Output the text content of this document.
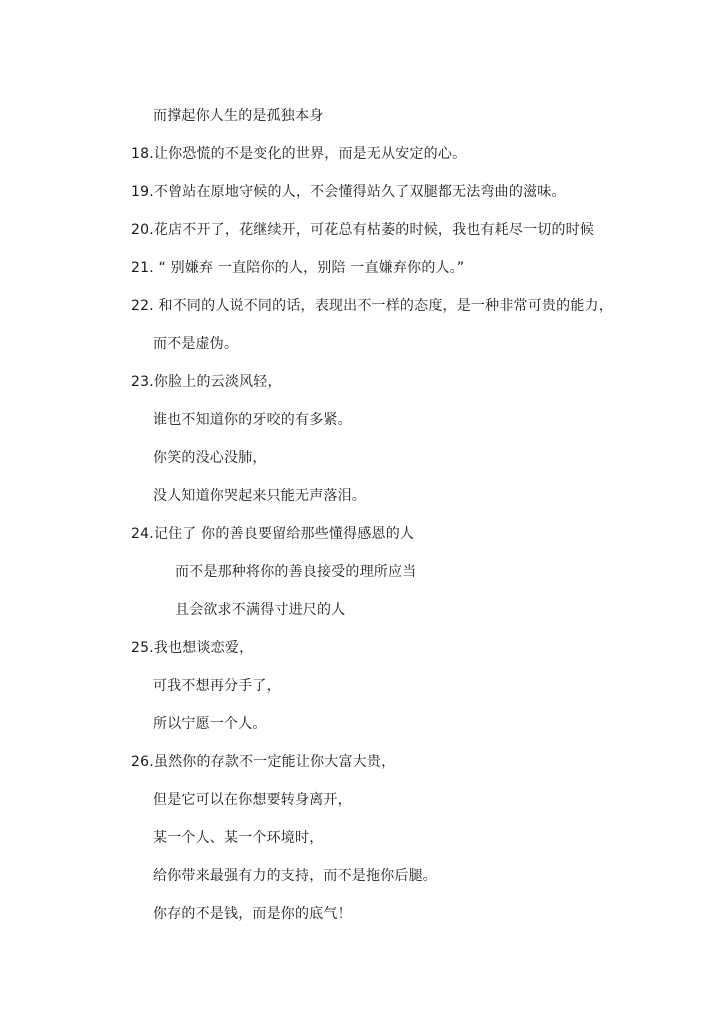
而撑起你人生的是孤独本身
18.让你恐慌的不是变化的世界，而是无从安定的心。
19.不曾站在原地守候的人，不会懂得站久了双腿都无法弯曲的滋味。
20.花店不开了，花继续开，可花总有枯萎的时候，我也有耗尽一切的时候
21. “ 别嫌弃 一直陪你的人，别陪 一直嫌弃你的人。”
22. 和不同的人说不同的话，表现出不一样的态度，是一种非常可贵的能力，
而不是虚伪。
23.你脸上的云淡风轻，
谁也不知道你的牙咬的有多紧。
你笑的没心没肺，
没人知道你哭起来只能无声落泪。
24.记住了 你的善良要留给那些懂得感恩的人
而不是那种将你的善良接受的理所应当
且会欲求不满得寸进尺的人
25.我也想谈恋爱，
可我不想再分手了，
所以宁愿一个人。
26.虽然你的存款不一定能让你大富大贵，
但是它可以在你想要转身离开，
某一个人、某一个环境时，
给你带来最强有力的支持，而不是拖你后腿。
你存的不是钱，而是你的底气！
